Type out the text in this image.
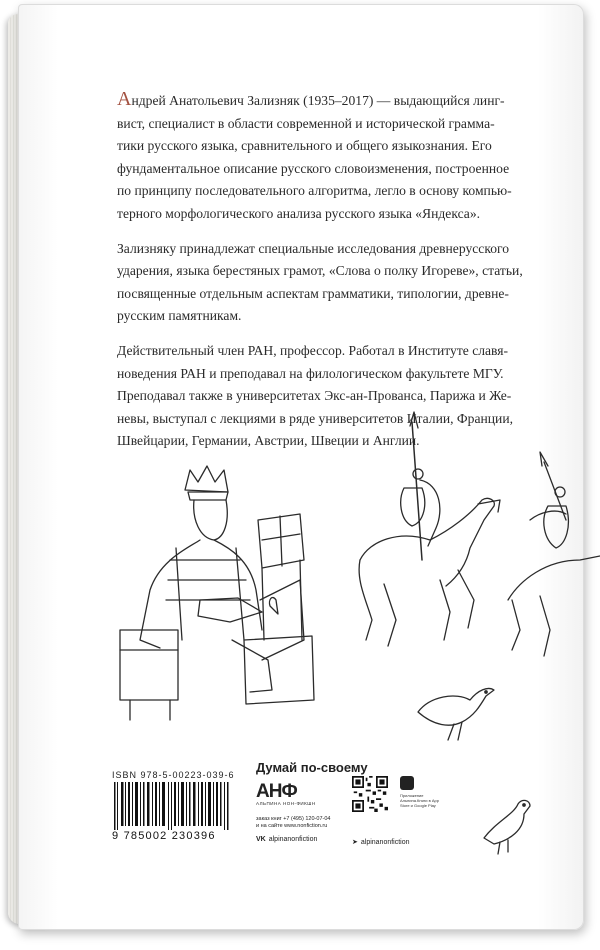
Андрей Анатольевич Зализняк (1935–2017) — выдающийся линг-
вист, специалист в области современной и исторической грамма-
тики русского языка, сравнительного и общего языкознания. Его
фундаментальное описание русского словоизменения, построенное
по принципу последовательного алгоритма, легло в основу компью-
терного морфологического анализа русского языка «Яндекса».

Зализняку принадлежат специальные исследования древнерусского
ударения, языка берестяных грамот, «Слова о полку Игореве», статьи,
посвященные отдельным аспектам грамматики, типологии, древне-
русским памятникам.

Действительный член РАН, профессор. Работал в Институте славя-
новедения РАН и преподавал на филологическом факультете МГУ.
Преподавал также в университетах Экс-ан-Прованса, Парижа и Же-
невы, выступал с лекциями в ряде университетов Италии, Франции,
Швейцарии, Германии, Австрии, Швеции и Англии.

ISBN 978-5-00223-039-6
9 785002 230396
Думай по-своему
АНФ
АЛЬПИНА НОН-ФИКШН
заказ книг +7 (495) 120-07-04
и на сайте www.nonfiction.ru
VK alpinanonfiction
Приложение Альпина.Книги в App Store и Google Play
➤ alpinanonfiction
